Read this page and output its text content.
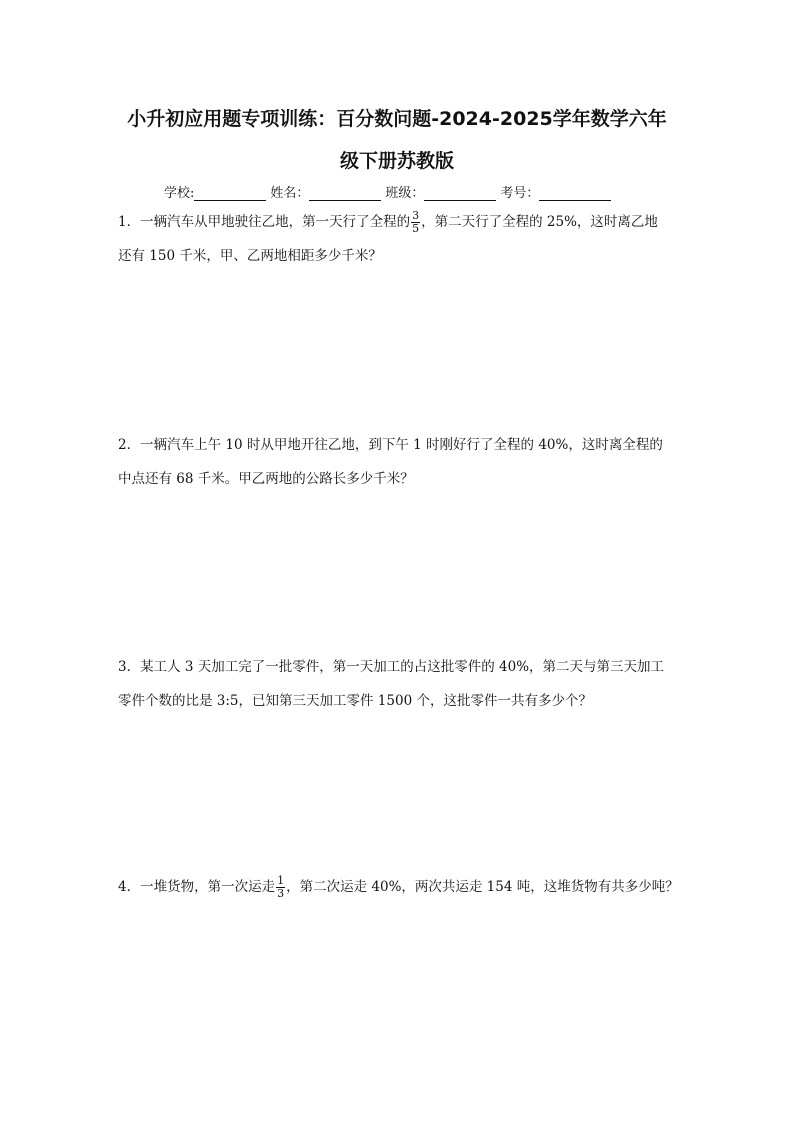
小升初应用题专项训练：百分数问题-2024-2025学年数学六年
级下册苏教版
学校:	姓名：	班级：	考号：

1．一辆汽车从甲地驶往乙地，第一天行了全程的 $\frac{3}{5}$ ，第二天行了全程的 25%，这时离乙地

还有 150 千米，甲、乙两地相距多少千米？

2．一辆汽车上午 10 时从甲地开往乙地，到下午 1 时刚好行了全程的 40%，这时离全程的

中点还有 68 千米。甲乙两地的公路长多少千米？

3．某工人 3 天加工完了一批零件，第一天加工的占这批零件的 40%，第二天与第三天加工

零件个数的比是 3:5，已知第三天加工零件 1500 个，这批零件一共有多少个？

4．一堆货物，第一次运走 $\frac{1}{3}$ ，第二次运走 40%，两次共运走 154 吨，这堆货物有共多少吨？
